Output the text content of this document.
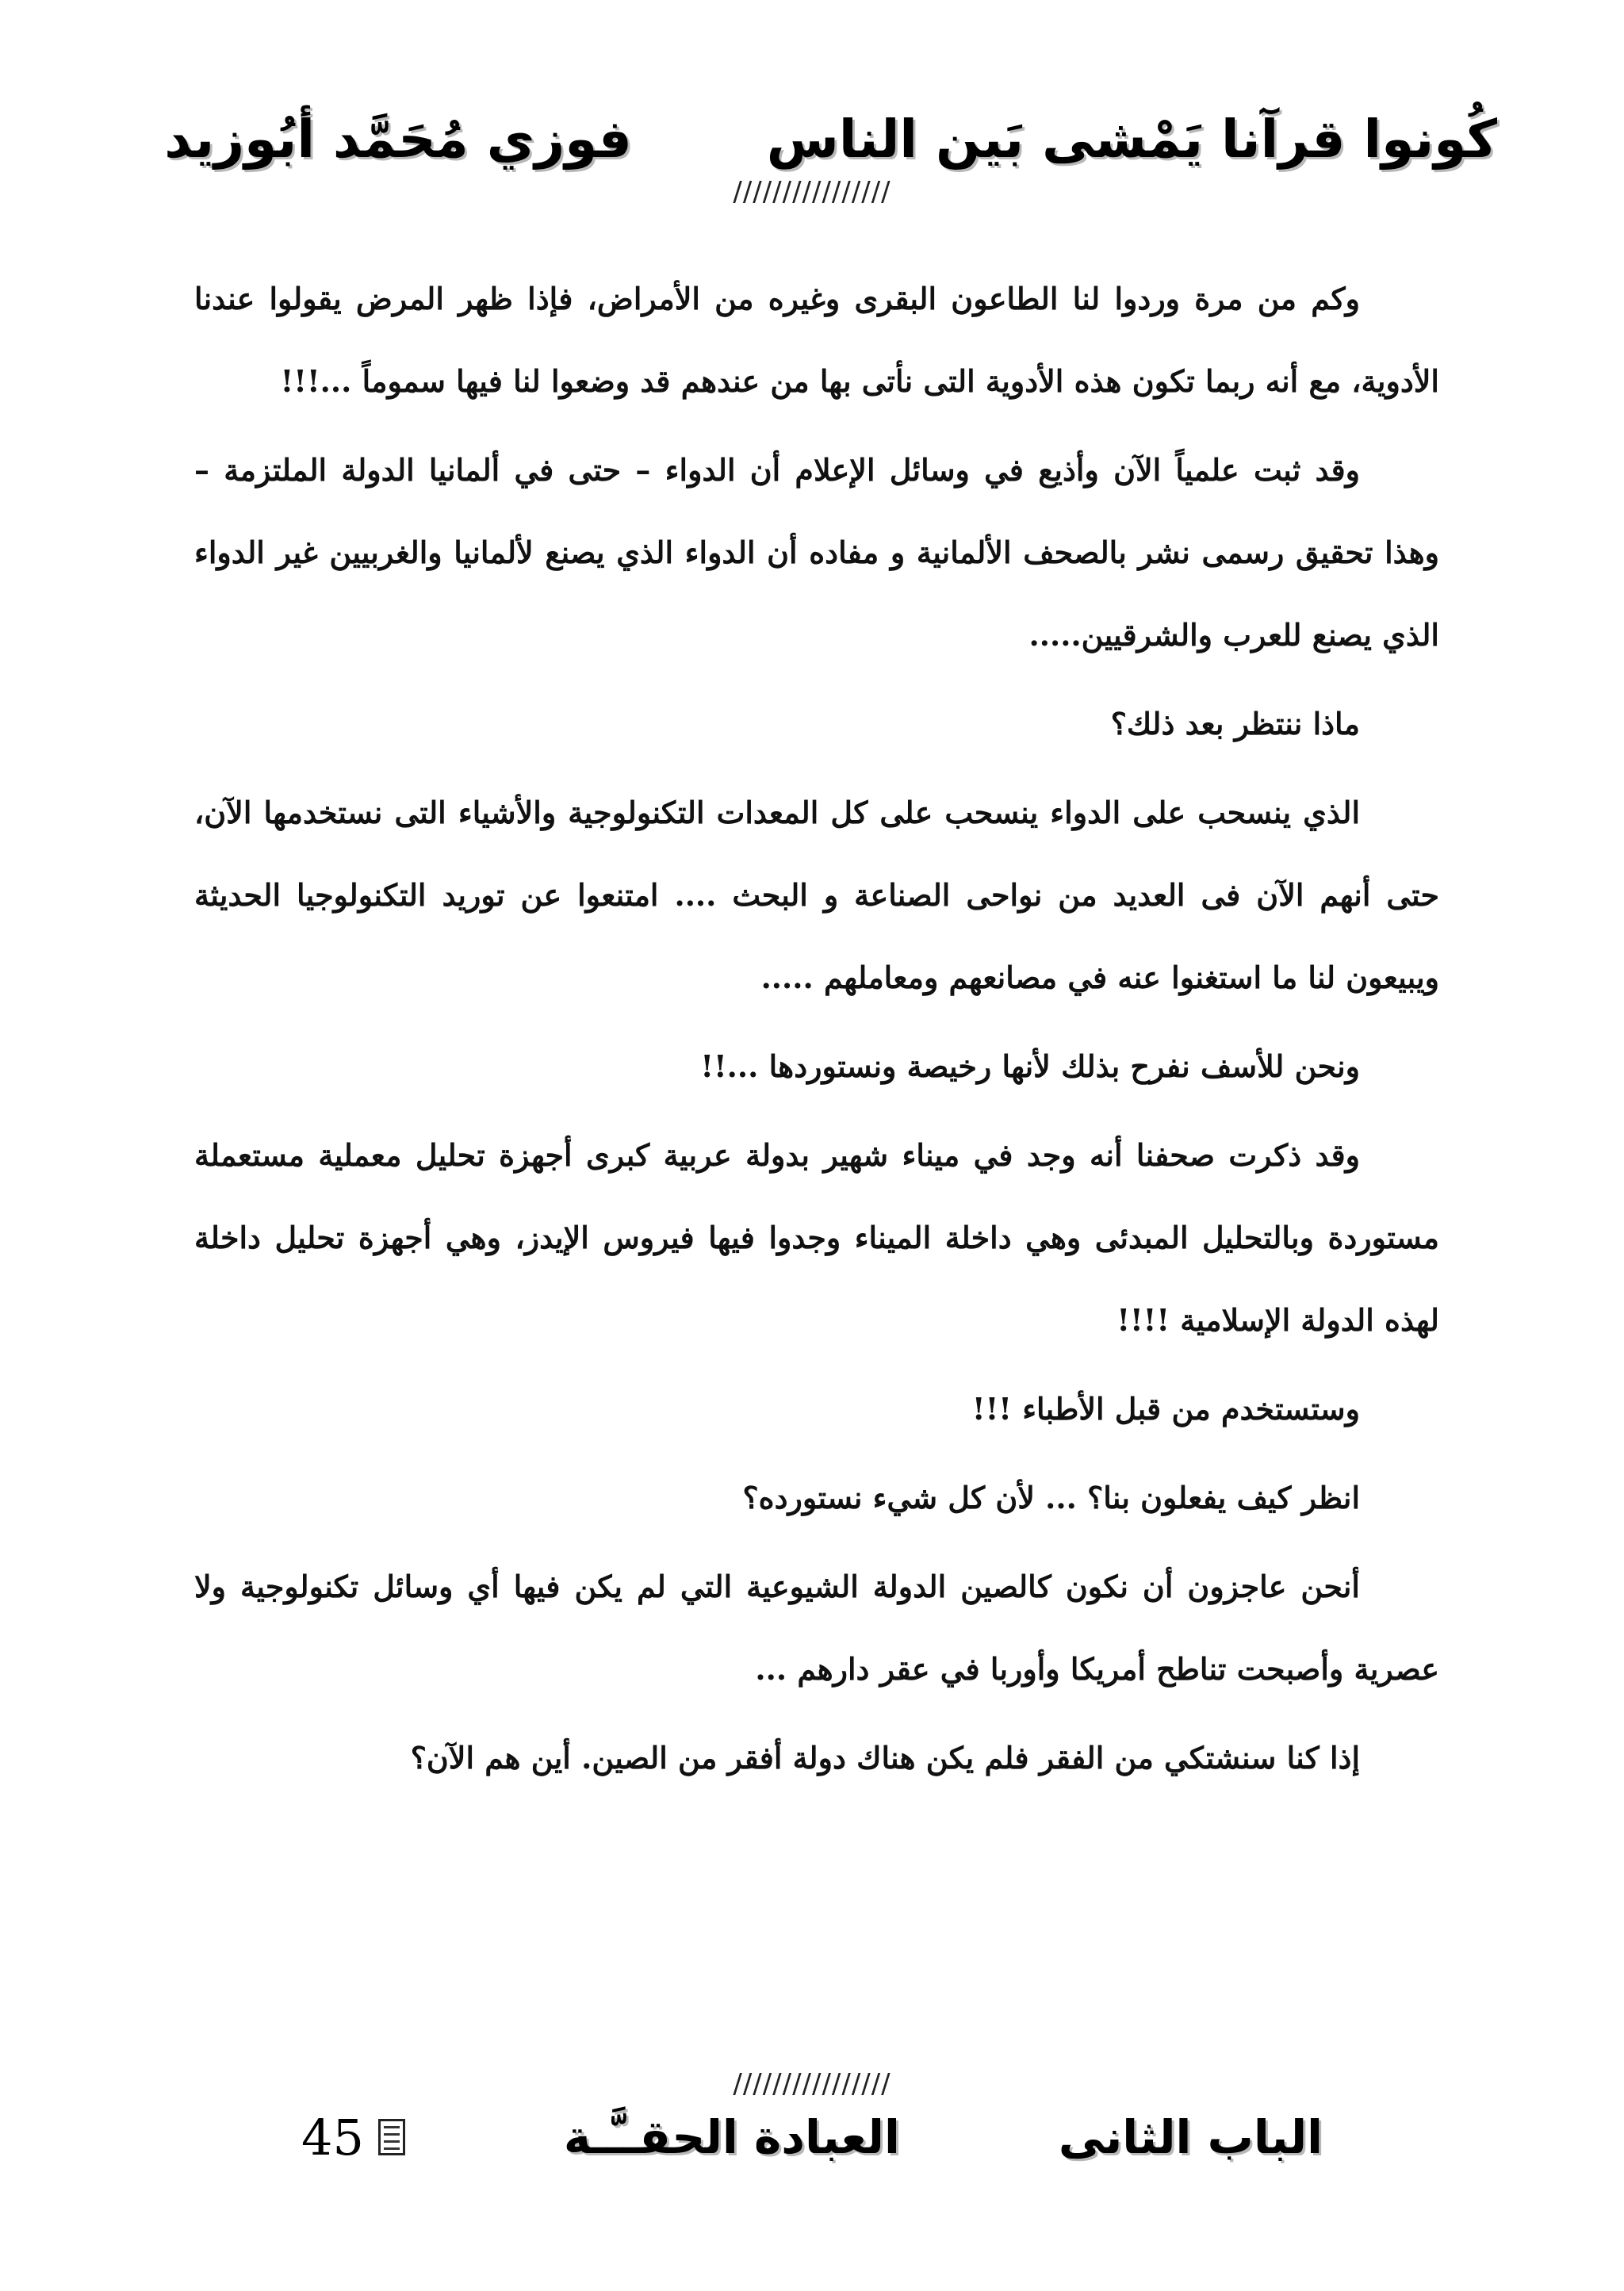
كُونوا قرآنا يَمْشى بَين الناس
فوزي مُحَمَّد أبُوزيد
////////////////

وكم من مرة وردوا لنا الطاعون البقرى وغيره من الأمراض، فإذا ظهر المرض يقولوا عندنا الأدوية، مع أنه ربما تكون هذه الأدوية التى نأتى بها من عندهم قد وضعوا لنا فيها سموماً ...!!!

وقد ثبت علمياً الآن وأذيع في وسائل الإعلام أن الدواء – حتى في ألمانيا الدولة الملتزمة – وهذا تحقيق رسمى نشر بالصحف الألمانية و مفاده أن الدواء الذي يصنع لألمانيا والغربيين غير الدواء الذي يصنع للعرب والشرقيين.....

ماذا ننتظر بعد ذلك؟

الذي ينسحب على الدواء ينسحب على كل المعدات التكنولوجية والأشياء التى نستخدمها الآن، حتى أنهم الآن فى العديد من نواحى الصناعة و البحث .... امتنعوا عن توريد التكنولوجيا الحديثة ويبيعون لنا ما استغنوا عنه في مصانعهم ومعاملهم .....

ونحن للأسف نفرح بذلك لأنها رخيصة ونستوردها ...!!

وقد ذكرت صحفنا أنه وجد في ميناء شهير بدولة عربية كبرى أجهزة تحليل معملية مستعملة مستوردة وبالتحليل المبدئى وهي داخلة الميناء وجدوا فيها فيروس الإيدز، وهي أجهزة تحليل داخلة لهذه الدولة الإسلامية !!!!

وستستخدم من قبل الأطباء !!!

انظر كيف يفعلون بنا؟ ... لأن كل شيء نستورده؟

أنحن عاجزون أن نكون كالصين الدولة الشيوعية التي لم يكن فيها أي وسائل تكنولوجية ولا عصرية وأصبحت تناطح أمريكا وأوربا في عقر دارهم ...

إذا كنا سنشتكي من الفقر فلم يكن هناك دولة أفقر من الصين. أين هم الآن؟

////////////////
الباب الثانى
العبادة الحقــَّـة
45
